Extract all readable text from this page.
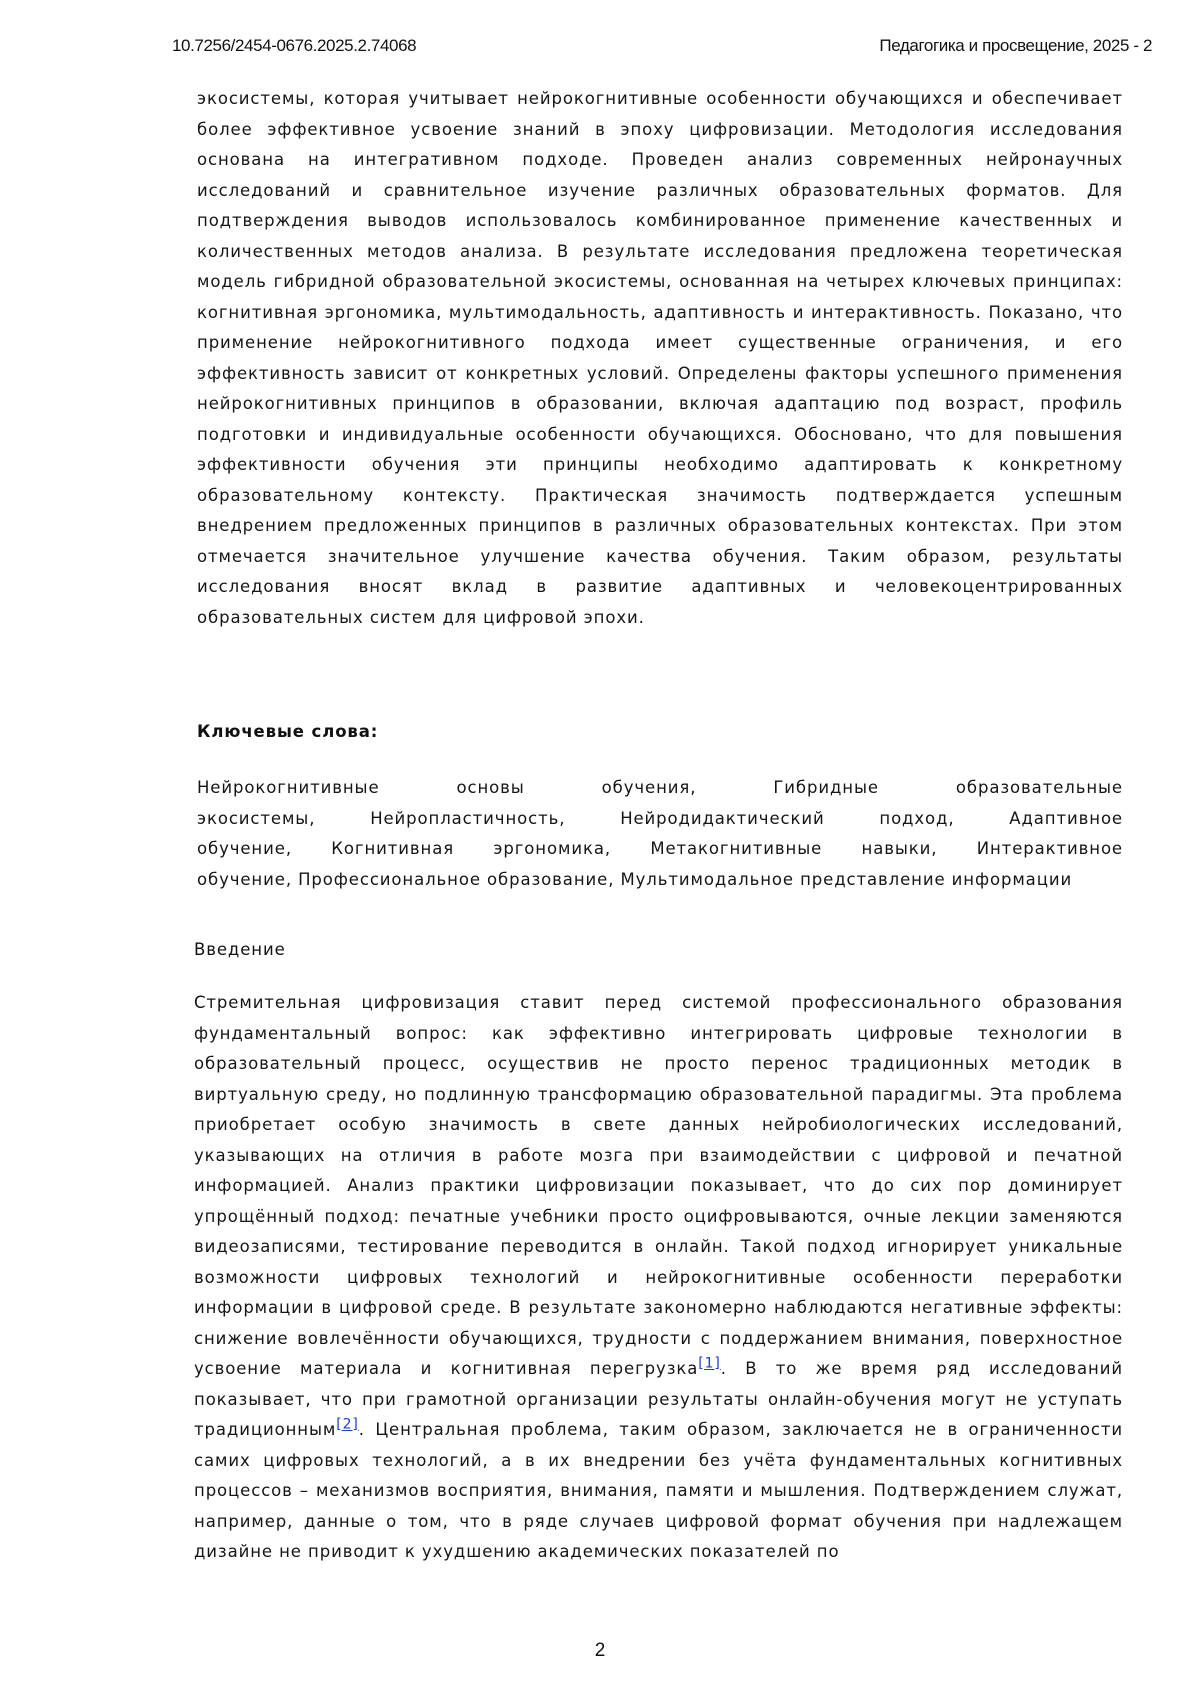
10.7256/2454-0676.2025.2.74068	Педагогика и просвещение, 2025 - 2

экосистемы, которая учитывает нейрокогнитивные особенности обучающихся и обеспечивает более эффективное усвоение знаний в эпоху цифровизации. Методология исследования основана на интегративном подходе. Проведен анализ современных нейронаучных исследований и сравнительное изучение различных образовательных форматов. Для подтверждения выводов использовалось комбинированное применение качественных и количественных методов анализа. В результате исследования предложена теоретическая модель гибридной образовательной экосистемы, основанная на четырех ключевых принципах: когнитивная эргономика, мультимодальность, адаптивность и интерактивность. Показано, что применение нейрокогнитивного подхода имеет существенные ограничения, и его эффективность зависит от конкретных условий. Определены факторы успешного применения нейрокогнитивных принципов в образовании, включая адаптацию под возраст, профиль подготовки и индивидуальные особенности обучающихся. Обосновано, что для повышения эффективности обучения эти принципы необходимо адаптировать к конкретному образовательному контексту. Практическая значимость подтверждается успешным внедрением предложенных принципов в различных образовательных контекстах. При этом отмечается значительное улучшение качества обучения. Таким образом, результаты исследования вносят вклад в развитие адаптивных и человекоцентрированных образовательных систем для цифровой эпохи.

Ключевые слова:

Нейрокогнитивные основы обучения, Гибридные образовательные экосистемы, Нейропластичность, Нейродидактический подход, Адаптивное обучение, Когнитивная эргономика, Метакогнитивные навыки, Интерактивное обучение, Профессиональное образование, Мультимодальное представление информации

Введение

Стремительная цифровизация ставит перед системой профессионального образования фундаментальный вопрос: как эффективно интегрировать цифровые технологии в образовательный процесс, осуществив не просто перенос традиционных методик в виртуальную среду, но подлинную трансформацию образовательной парадигмы. Эта проблема приобретает особую значимость в свете данных нейробиологических исследований, указывающих на отличия в работе мозга при взаимодействии с цифровой и печатной информацией. Анализ практики цифровизации показывает, что до сих пор доминирует упрощённый подход: печатные учебники просто оцифровываются, очные лекции заменяются видеозаписями, тестирование переводится в онлайн. Такой подход игнорирует уникальные возможности цифровых технологий и нейрокогнитивные особенности переработки информации в цифровой среде. В результате закономерно наблюдаются негативные эффекты: снижение вовлечённости обучающихся, трудности с поддержанием внимания, поверхностное усвоение материала и когнитивная перегрузка[1]. В то же время ряд исследований показывает, что при грамотной организации результаты онлайн-обучения могут не уступать традиционным[2]. Центральная проблема, таким образом, заключается не в ограниченности самих цифровых технологий, а в их внедрении без учёта фундаментальных когнитивных процессов – механизмов восприятия, внимания, памяти и мышления. Подтверждением служат, например, данные о том, что в ряде случаев цифровой формат обучения при надлежащем дизайне не приводит к ухудшению академических показателей по

2
